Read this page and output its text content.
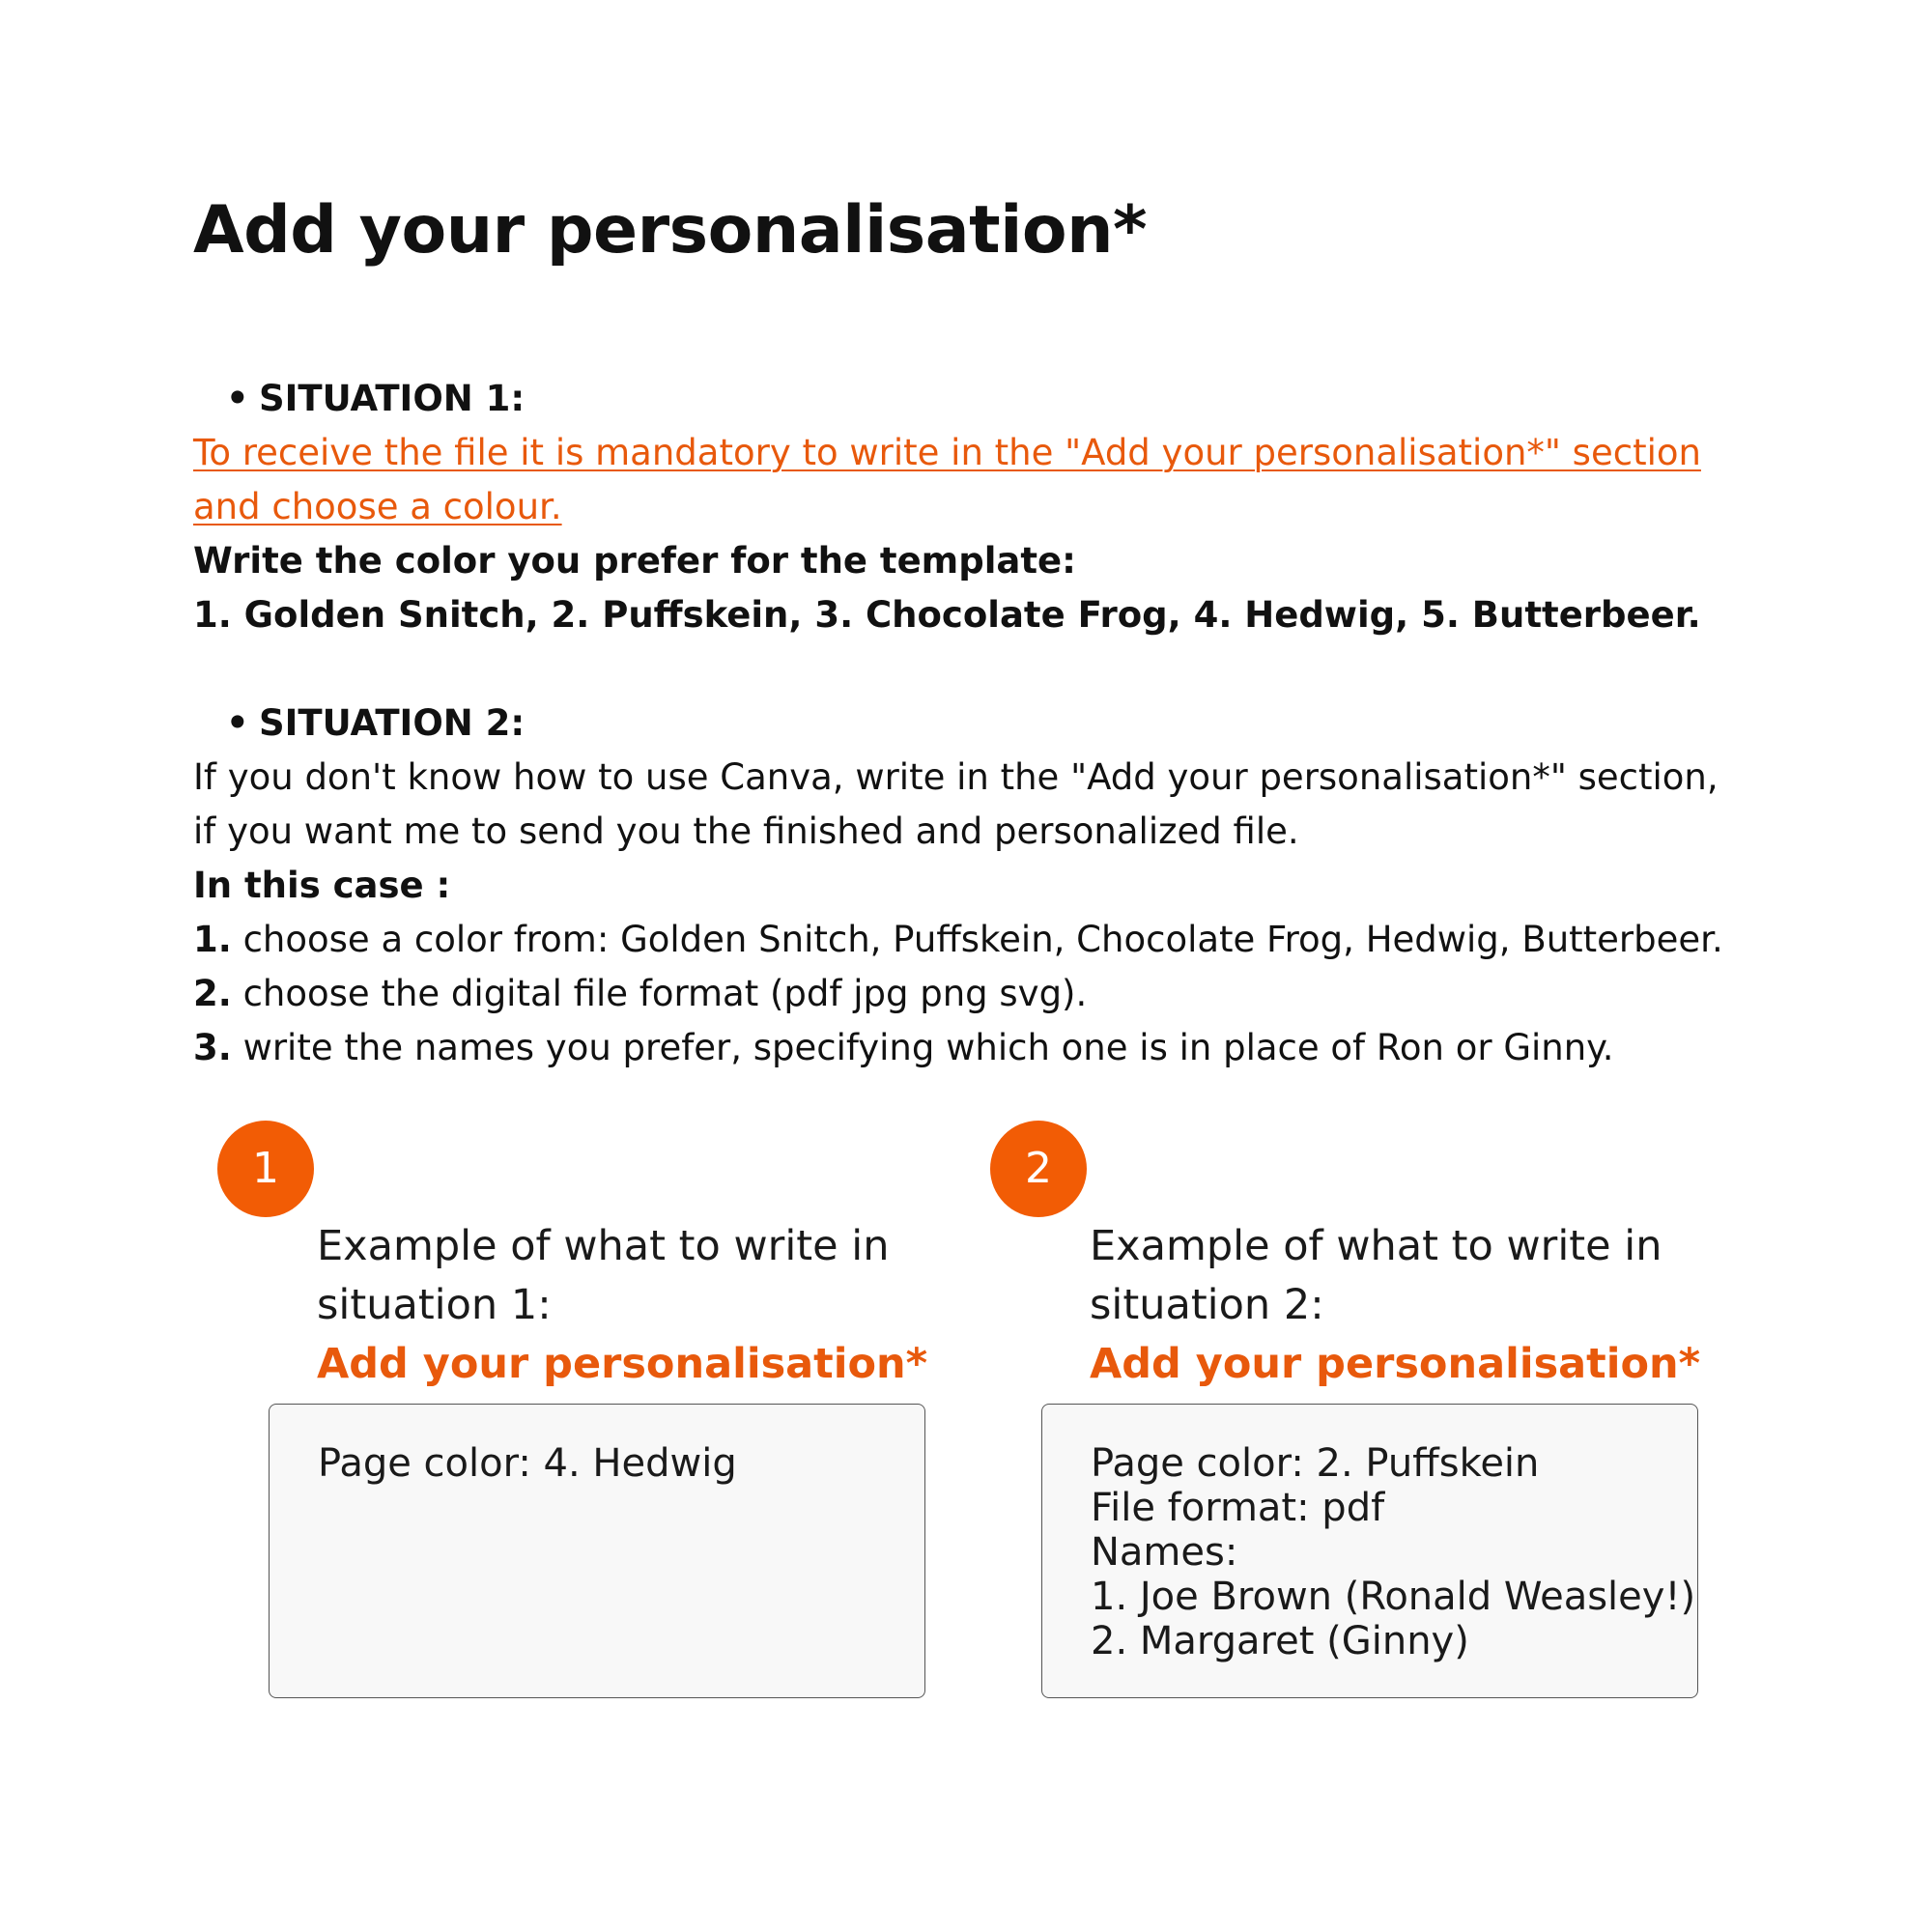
Add your personalisation*

• SITUATION 1:

To receive the file it is mandatory to write in the "Add your personalisation*" section

and choose a colour.

Write the color you prefer for the template:

1. Golden Snitch, 2. Puffskein, 3. Chocolate Frog, 4. Hedwig, 5. Butterbeer.

• SITUATION 2:

If you don't know how to use Canva, write in the "Add your personalisation*" section,

if you want me to send you the finished and personalized file.

In this case :

1. choose a color from: Golden Snitch, Puffskein, Chocolate Frog, Hedwig, Butterbeer.

2. choose the digital file format (pdf jpg png svg).

3. write the names you prefer, specifying which one is in place of Ron or Ginny.

1

Example of what to write in situation 1:

Add your personalisation*

Page color: 4. Hedwig
2

Example of what to write in situation 2:

Add your personalisation*

Page color: 2. Puffskein
File format: pdf
Names:
1. Joe Brown (Ronald Weasley!)
2. Margaret (Ginny)
